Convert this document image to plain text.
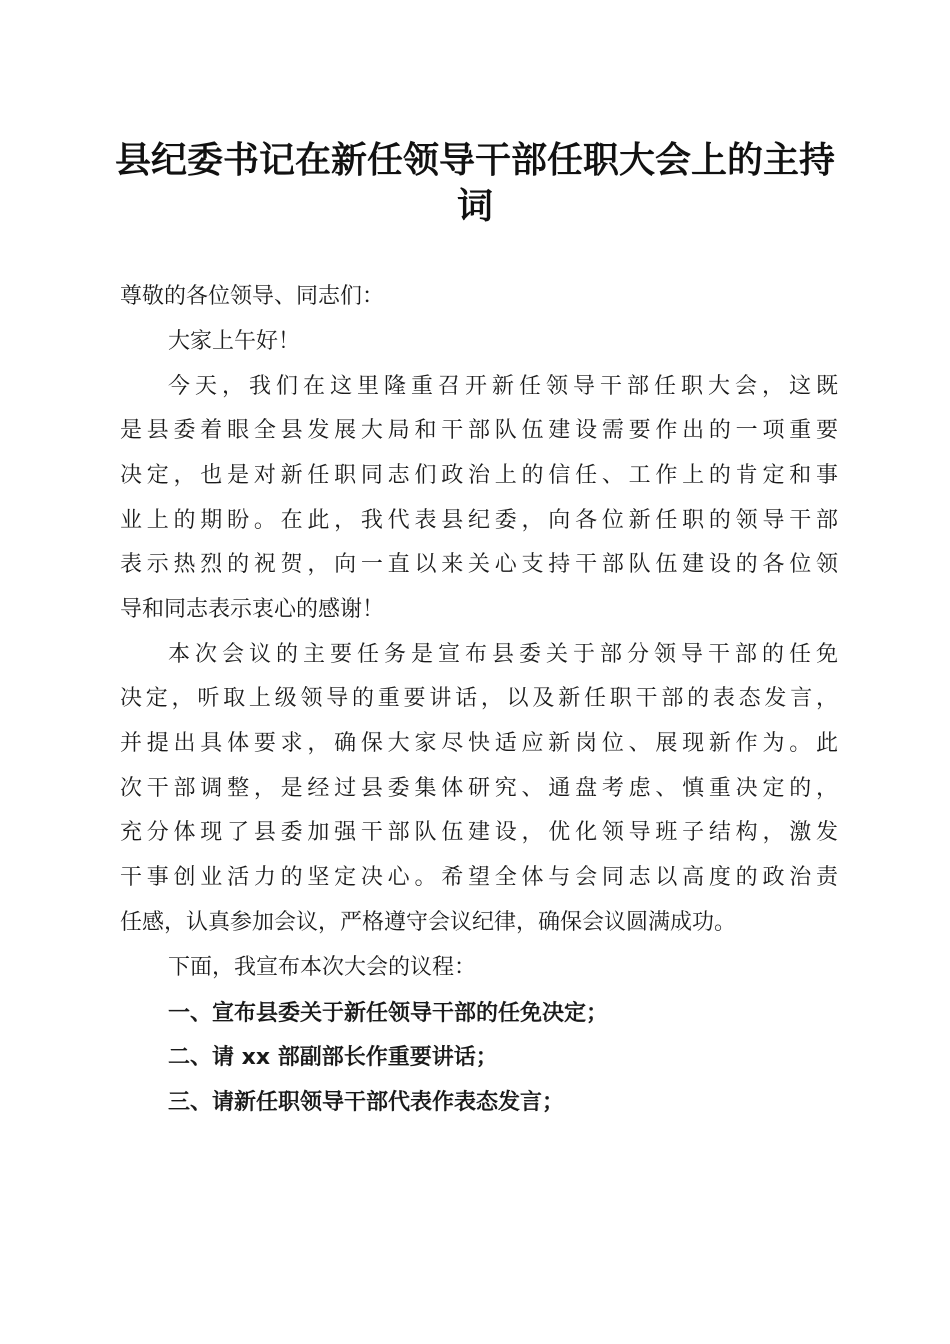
县纪委书记在新任领导干部任职大会上的主持
词
尊敬的各位领导、同志们：
大家上午好！
今天，我们在这里隆重召开新任领导干部任职大会，这既
是县委着眼全县发展大局和干部队伍建设需要作出的一项重要
决定，也是对新任职同志们政治上的信任、工作上的肯定和事
业上的期盼。在此，我代表县纪委，向各位新任职的领导干部
表示热烈的祝贺，向一直以来关心支持干部队伍建设的各位领
导和同志表示衷心的感谢！
本次会议的主要任务是宣布县委关于部分领导干部的任免
决定，听取上级领导的重要讲话，以及新任职干部的表态发言，
并提出具体要求，确保大家尽快适应新岗位、展现新作为。此
次干部调整，是经过县委集体研究、通盘考虑、慎重决定的，
充分体现了县委加强干部队伍建设，优化领导班子结构，激发
干事创业活力的坚定决心。希望全体与会同志以高度的政治责
任感，认真参加会议，严格遵守会议纪律，确保会议圆满成功。
下面，我宣布本次大会的议程：
一、宣布县委关于新任领导干部的任免决定；
二、请 xx 部副部长作重要讲话；
三、请新任职领导干部代表作表态发言；
